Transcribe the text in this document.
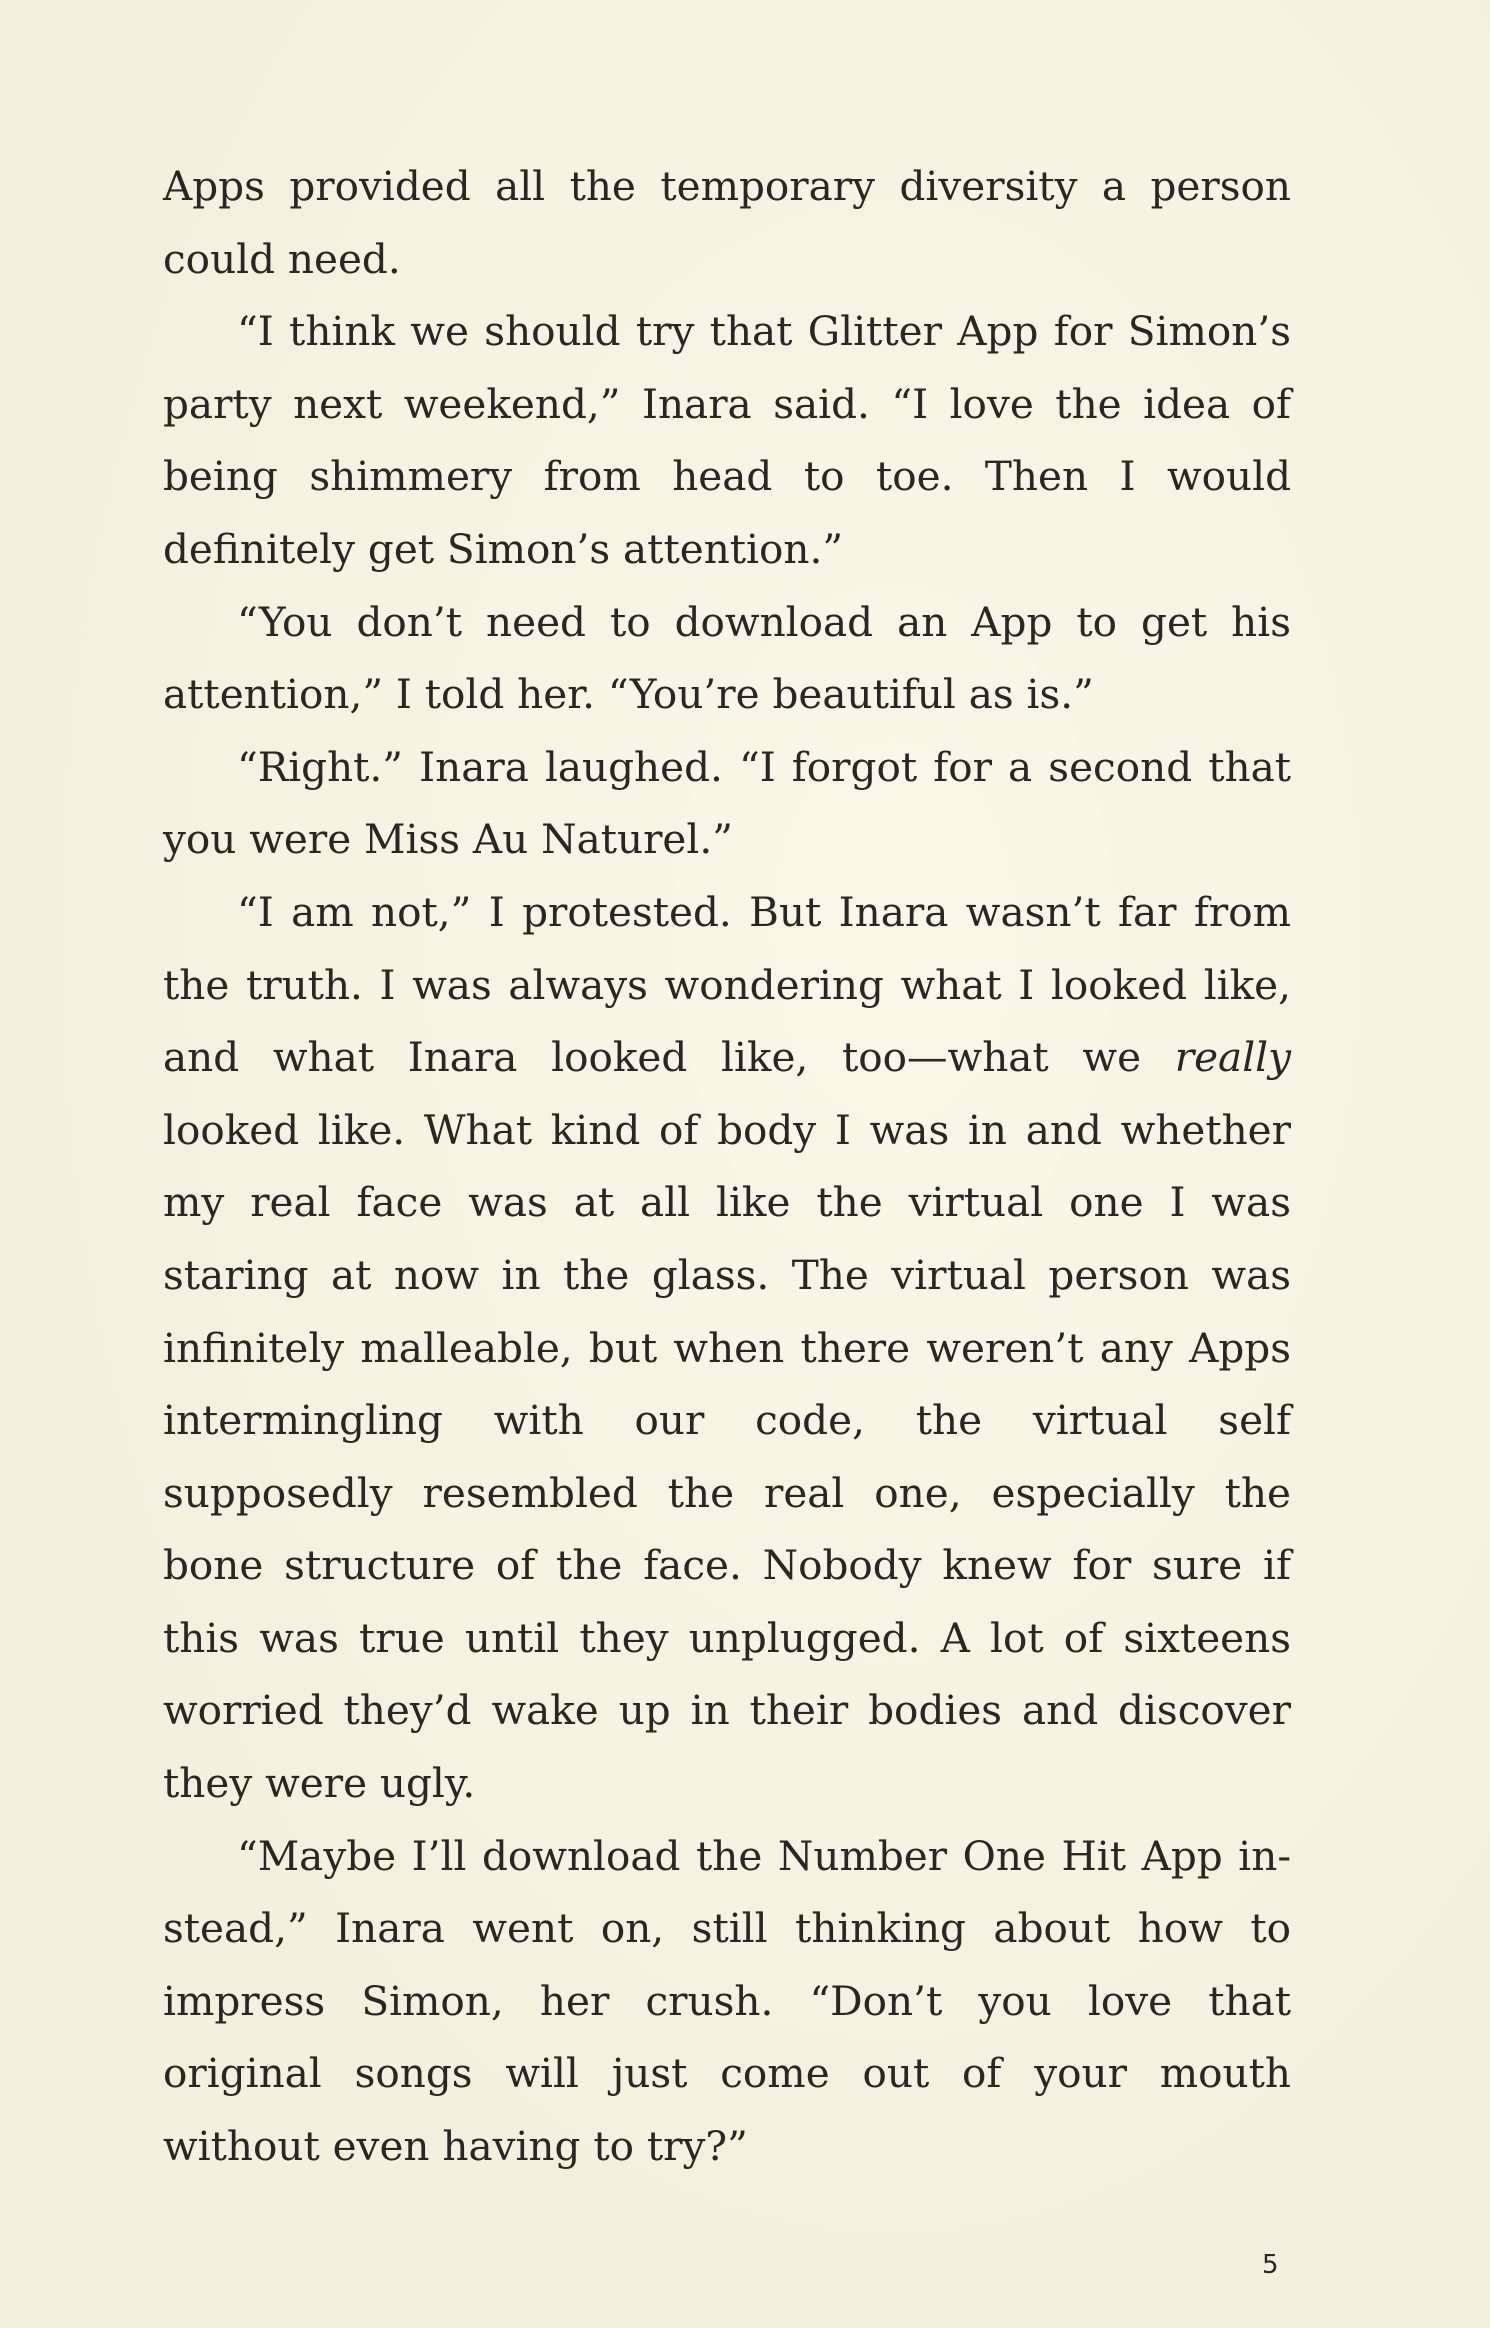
Apps provided all the temporary diversity a person could need.

“I think we should try that Glitter App for Simon’s party next weekend,” Inara said. “I love the idea of being shimmery from head to toe. Then I would definitely get Simon’s attention.”

“You don’t need to download an App to get his attention,” I told her. “You’re beautiful as is.”

“Right.” Inara laughed. “I forgot for a second that you were Miss Au Naturel.”

“I am not,” I protested. But Inara wasn’t far from the truth. I was always wondering what I looked like, and what Inara looked like, too—what we really looked like. What kind of body I was in and whether my real face was at all like the virtual one I was staring at now in the glass. The virtual person was infinitely malleable, but when there weren’t any Apps intermingling with our code, the virtual self supposedly resembled the real one, especially the bone structure of the face. Nobody knew for sure if this was true until they unplugged. A lot of sixteens worried they’d wake up in their bodies and discover they were ugly.

“Maybe I’ll download the Number One Hit App instead,” Inara went on, still thinking about how to impress Simon, her crush. “Don’t you love that original songs will just come out of your mouth without even having to try?”

5
